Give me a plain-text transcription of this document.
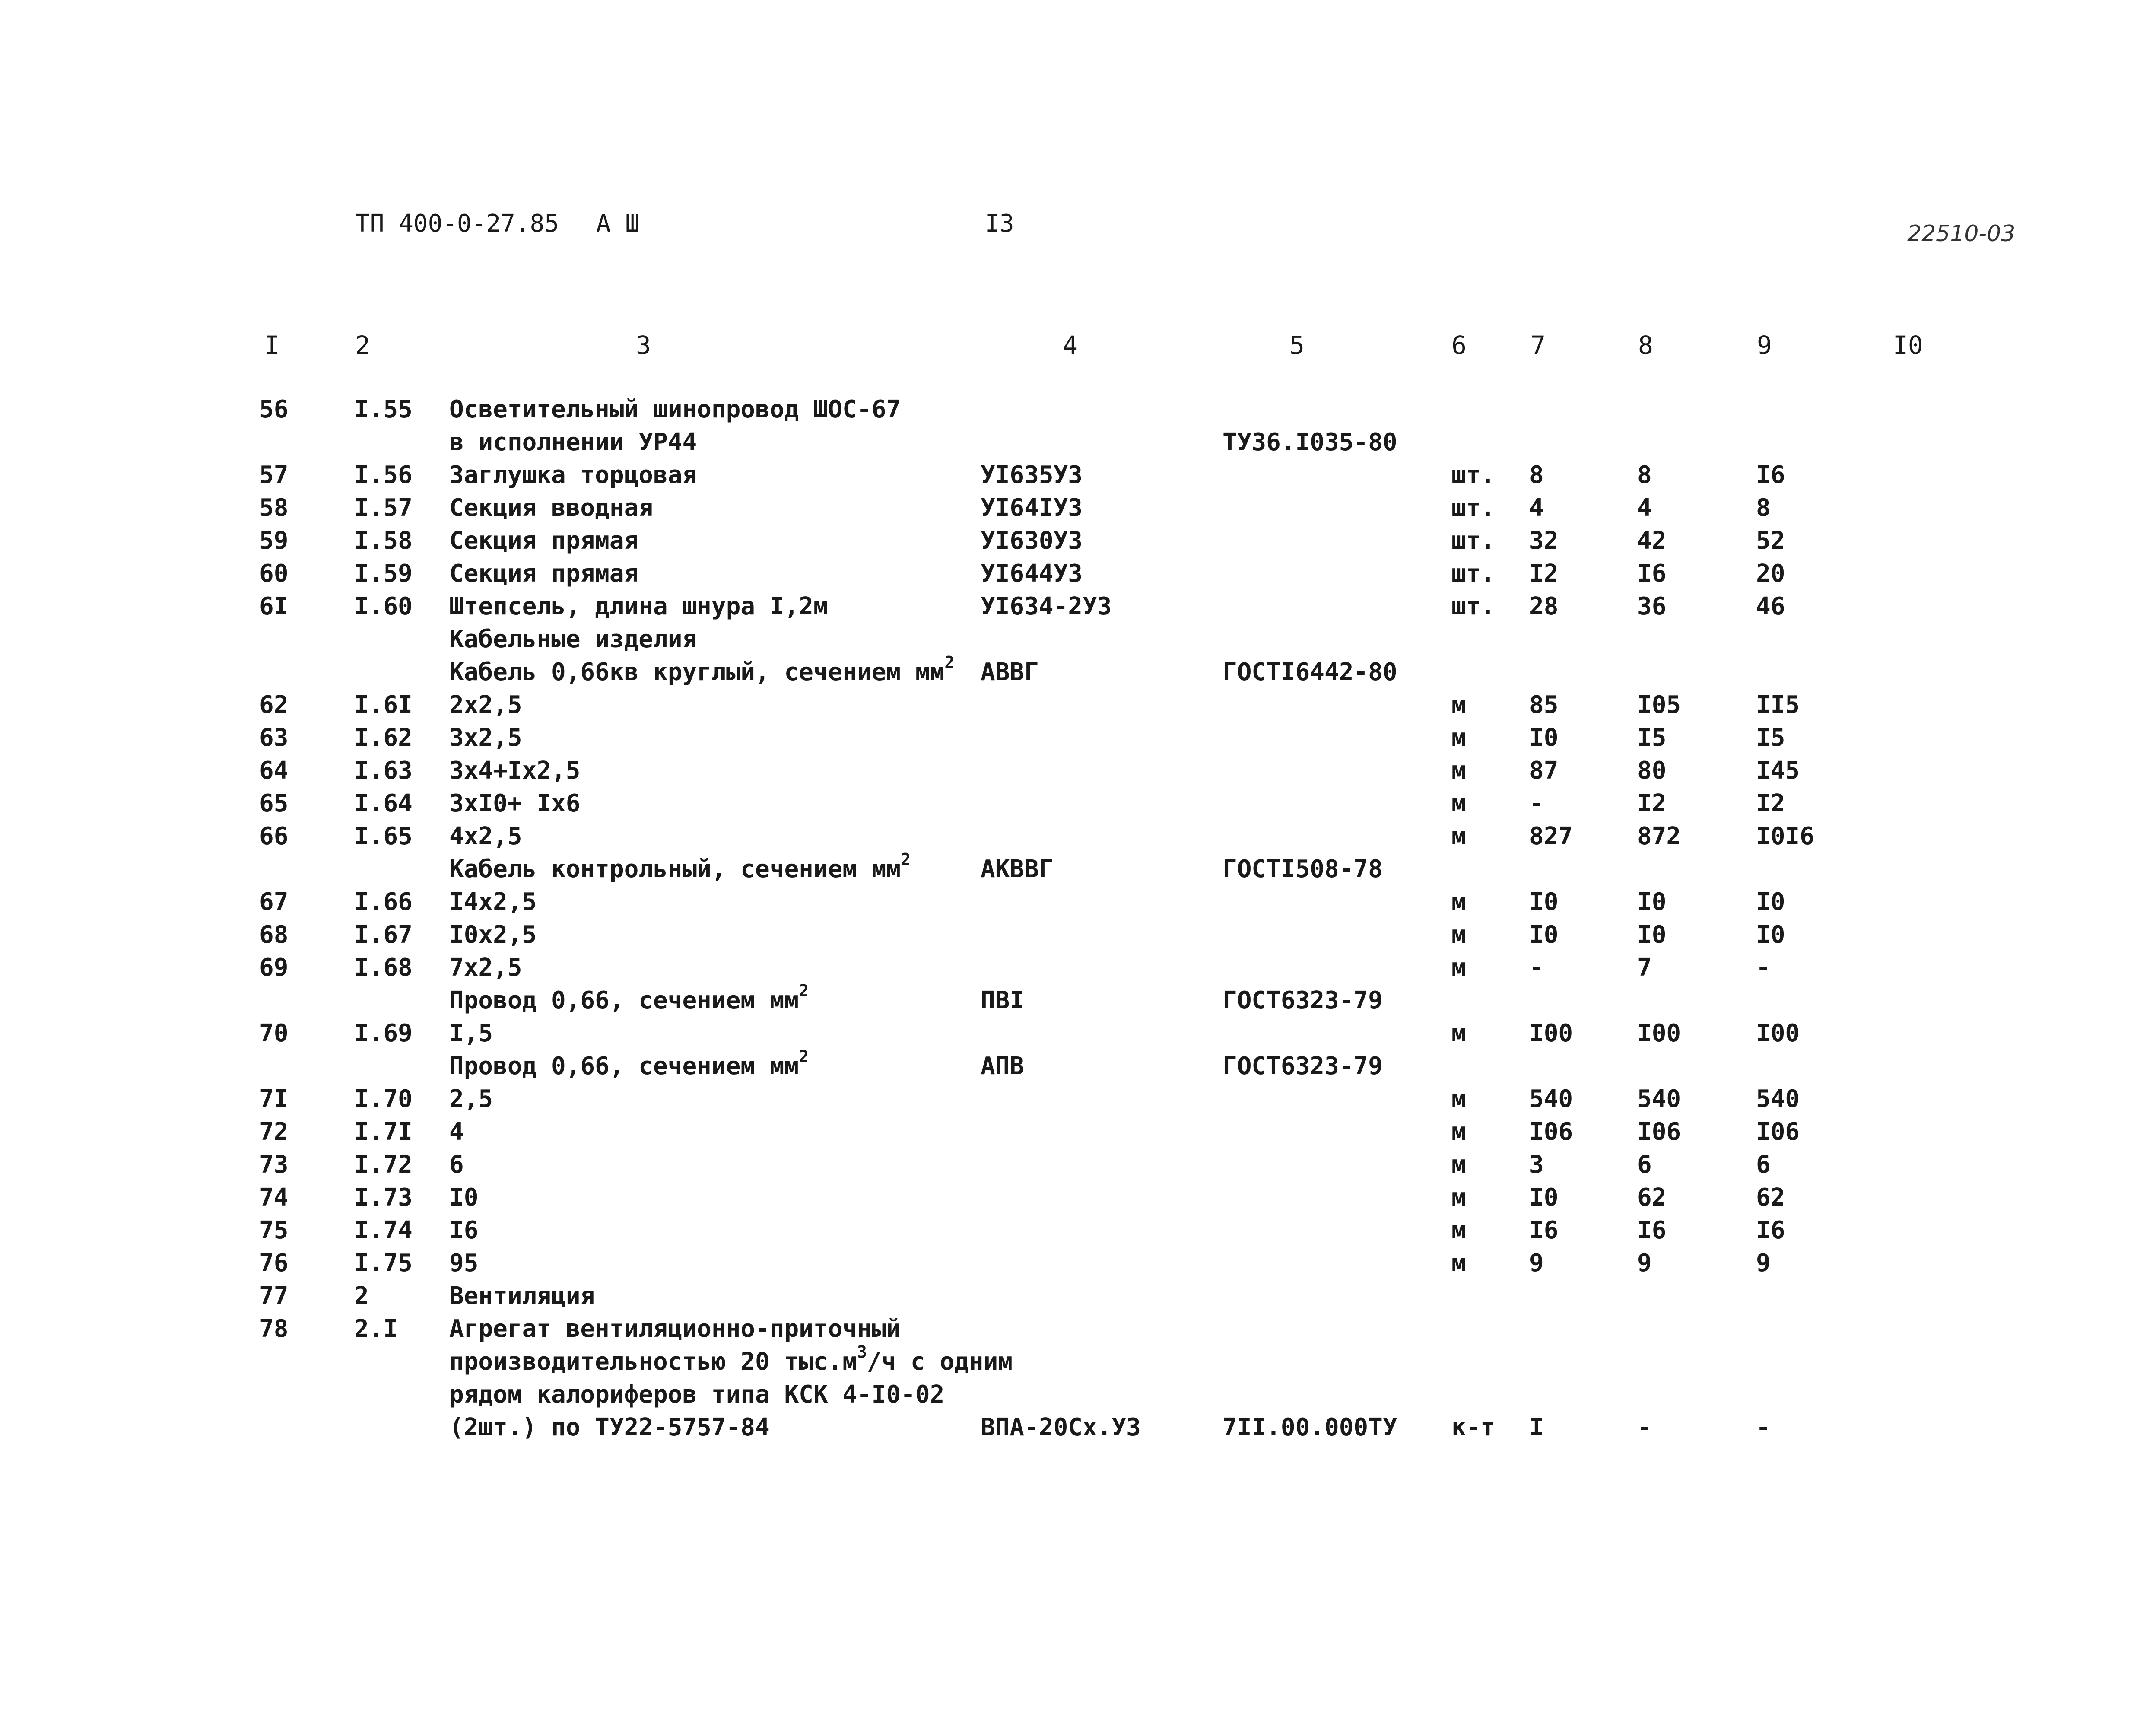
ТП 400-0-27.85 А Ш	I3	22510-03
I	2	3	4	5	6	7	8	9	I0
56	I.55 Осветительный шинопровод ШОС-67
в исполнении УР44	ТУ36.I035-80
57	I.56 Заглушка торцовая	УI635УЗ	шт. 8	8	I6
58	I.57 Секция вводная	УI64IУЗ	шт. 4	4	8
59	I.58 Секция прямая	УI630УЗ	шт. 32	42	52
60	I.59 Секция прямая	УI644УЗ	шт. I2	I6	20
6I	I.60 Штепсель, длина шнура I,2м	УI634-2УЗ	шт. 28	36	46
Кабельные изделия
Кабель 0,66кв круглый, сечением $мм^2$ АВВГ	ГОСТI6442-80
62	I.6I 2х2,5	м	85	I05	II5
63	I.62 3х2,5	м	I0	I5	I5
64	I.63 3х4+Iх2,5	м	87	80	I45
65	I.64 3хI0+ Iх6	м	-	I2	I2
66	I.65 4х2,5	м	827	872	I0I6
Кабель контрольный, сечением $мм^2$	АКВВГ	ГОСТI508-78
67	I.66 I4х2,5	м	I0	I0	I0
68	I.67 I0х2,5	м	I0	I0	I0
69	I.68 7х2,5	м	-	7	-
Провод 0,66, сечением $мм^2$	ПВI	ГОСТ6323-79
70	I.69 I,5	м	I00	I00	I00
Провод 0,66, сечением $мм^2$	АПВ	ГОСТ6323-79
7I	I.70 2,5	м	540	540	540
72	I.7I 4	м	I06	I06	I06
73	I.72 6	м	3	6	6
74	I.73 I0	м	I0	62	62
75	I.74 I6	м	I6	I6	I6
76	I.75 95	м	9	9	9
77	2	Вентиляция
78	2.I Агрегат вентиляционно-приточный
производительностью 20 $тыс.м^3/ч$ с одним
рядом калориферов типа КСК 4-I0-02
(2шт.) по ТУ22-5757-84	ВПА-20Сх.УЗ	7II.00.000ТУ к-т I	-	-
